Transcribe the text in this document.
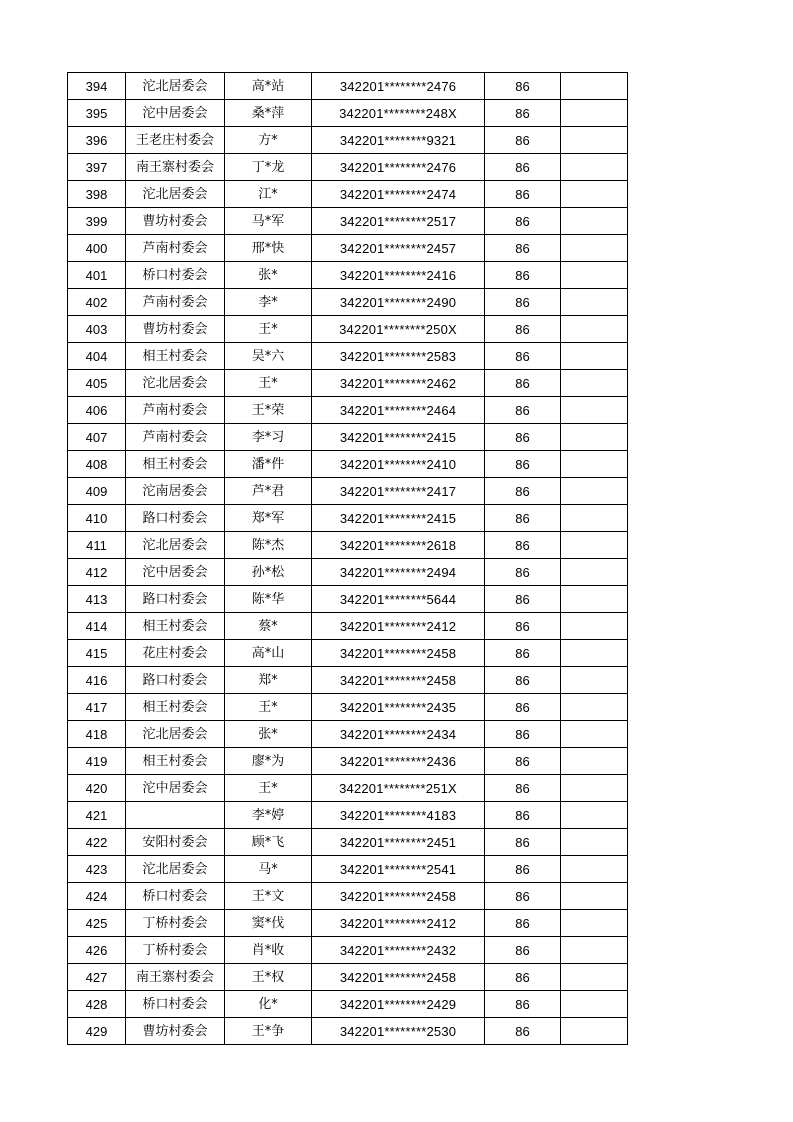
394	沱北居委会	高*站	342201********2476	86	
395	沱中居委会	桑*萍	342201********248X	86	
396	王老庄村委会	方*	342201********9321	86	
397	南王寨村委会	丁*龙	342201********2476	86	
398	沱北居委会	江*	342201********2474	86	
399	曹坊村委会	马*军	342201********2517	86	
400	芦南村委会	邢*快	342201********2457	86	
401	桥口村委会	张*	342201********2416	86	
402	芦南村委会	李*	342201********2490	86	
403	曹坊村委会	王*	342201********250X	86	
404	相王村委会	吴*六	342201********2583	86	
405	沱北居委会	王*	342201********2462	86	
406	芦南村委会	王*荣	342201********2464	86	
407	芦南村委会	李*习	342201********2415	86	
408	相王村委会	潘*件	342201********2410	86	
409	沱南居委会	芦*君	342201********2417	86	
410	路口村委会	郑*军	342201********2415	86	
411	沱北居委会	陈*杰	342201********2618	86	
412	沱中居委会	孙*松	342201********2494	86	
413	路口村委会	陈*华	342201********5644	86	
414	相王村委会	蔡*	342201********2412	86	
415	花庄村委会	高*山	342201********2458	86	
416	路口村委会	郑*	342201********2458	86	
417	相王村委会	王*	342201********2435	86	
418	沱北居委会	张*	342201********2434	86	
419	相王村委会	廖*为	342201********2436	86	
420	沱中居委会	王*	342201********251X	86	
421		李*婷	342201********4183	86	
422	安阳村委会	顾*飞	342201********2451	86	
423	沱北居委会	马*	342201********2541	86	
424	桥口村委会	王*文	342201********2458	86	
425	丁桥村委会	窦*伐	342201********2412	86	
426	丁桥村委会	肖*收	342201********2432	86	
427	南王寨村委会	王*权	342201********2458	86	
428	桥口村委会	化*	342201********2429	86	
429	曹坊村委会	王*争	342201********2530	86	
